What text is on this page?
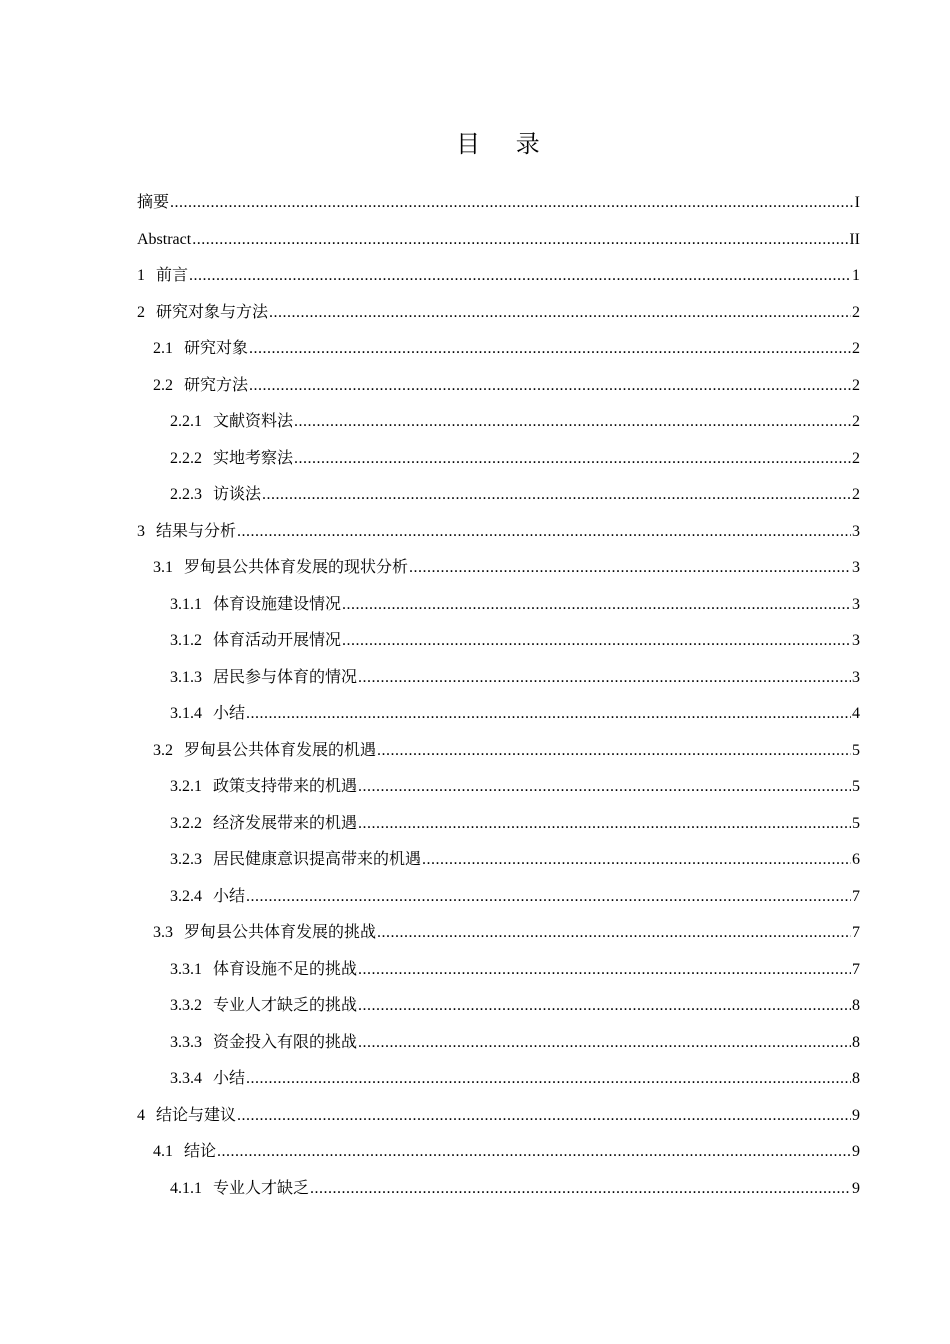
目 录
摘要 .....	I
Abstract .....	II
1 前言 .....	1
2 研究对象与方法 .....	2
2.1 研究对象 .....	2
2.2 研究方法 .....	2
2.2.1 文献资料法 .....	2
2.2.2 实地考察法 .....	2
2.2.3 访谈法 .....	2
3 结果与分析 .....	3
3.1 罗甸县公共体育发展的现状分析 .....	3
3.1.1 体育设施建设情况 .....	3
3.1.2 体育活动开展情况 .....	3
3.1.3 居民参与体育的情况 .....	3
3.1.4 小结 .....	4
3.2 罗甸县公共体育发展的机遇 .....	5
3.2.1 政策支持带来的机遇 .....	5
3.2.2 经济发展带来的机遇 .....	5
3.2.3 居民健康意识提高带来的机遇 .....	6
3.2.4 小结 .....	7
3.3 罗甸县公共体育发展的挑战 .....	7
3.3.1 体育设施不足的挑战 .....	7
3.3.2 专业人才缺乏的挑战 .....	8
3.3.3 资金投入有限的挑战 .....	8
3.3.4 小结 .....	8
4 结论与建议 .....	9
4.1 结论 .....	9
4.1.1 专业人才缺乏 .....	9
